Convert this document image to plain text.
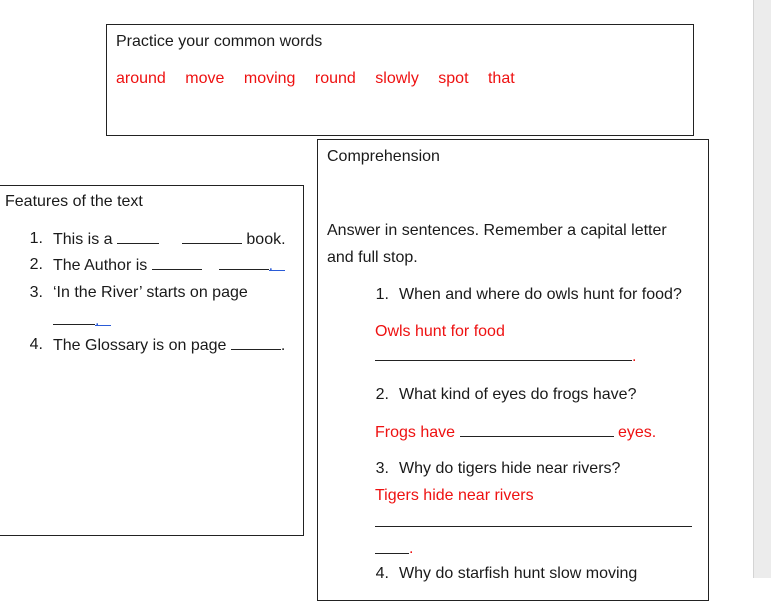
Practice your common words
around move moving round slowly spot that
Features of the text
1. This is a	book.
2. The Author is	.
3. ‘In the River’ starts on page
.
4. The Glossary is on page	.
Comprehension
Answer in sentences. Remember a capital letter
and full stop.
1. When and where do owls hunt for food?
Owls hunt for food
.
2. What kind of eyes do frogs have?
Frogs have	eyes.
3. Why do tigers hide near rivers?
Tigers hide near rivers
.
4. Why do starfish hunt slow moving
